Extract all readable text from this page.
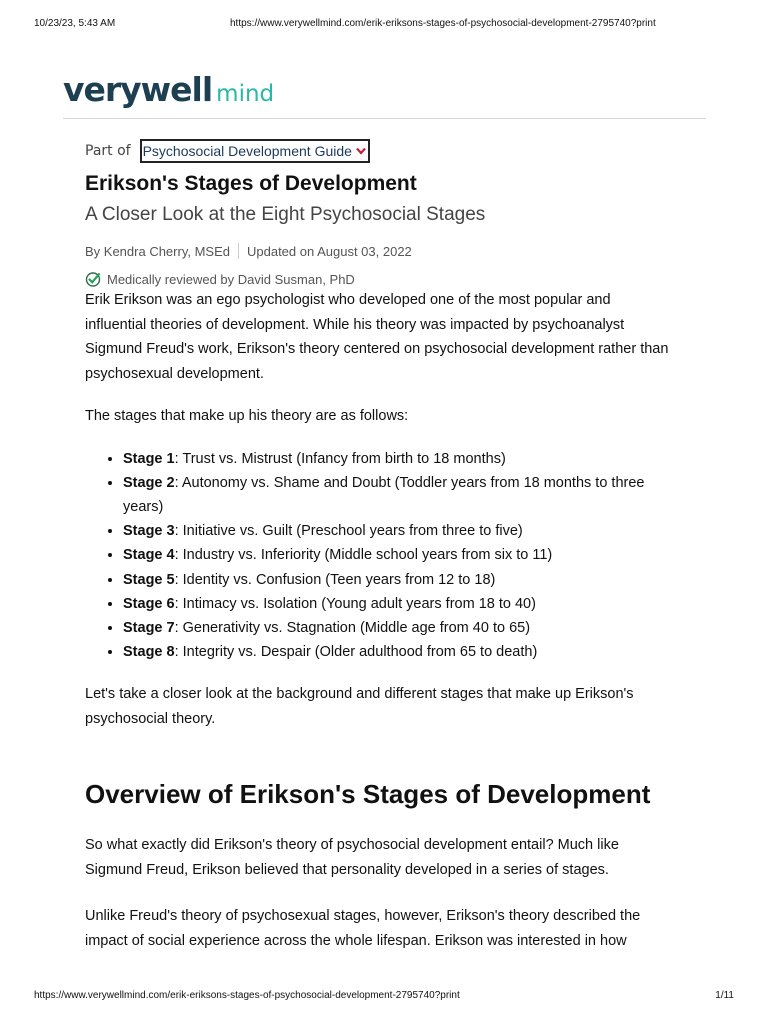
10/23/23, 5:43 AM	https://www.verywellmind.com/erik-eriksons-stages-of-psychosocial-development-2795740?print
verywell mind
Part of Psychosocial Development Guide
Erikson's Stages of Development
A Closer Look at the Eight Psychosocial Stages
By Kendra Cherry, MSEd Updated on August 03, 2022
Medically reviewed by David Susman, PhD

Erik Erikson was an ego psychologist who developed one of the most popular and influential theories of development. While his theory was impacted by psychoanalyst Sigmund Freud's work, Erikson's theory centered on psychosocial development rather than psychosexual development.

The stages that make up his theory are as follows:

• Stage 1: Trust vs. Mistrust (Infancy from birth to 18 months)
• Stage 2: Autonomy vs. Shame and Doubt (Toddler years from 18 months to three years)
• Stage 3: Initiative vs. Guilt (Preschool years from three to five)
• Stage 4: Industry vs. Inferiority (Middle school years from six to 11)
• Stage 5: Identity vs. Confusion (Teen years from 12 to 18)
• Stage 6: Intimacy vs. Isolation (Young adult years from 18 to 40)
• Stage 7: Generativity vs. Stagnation (Middle age from 40 to 65)
• Stage 8: Integrity vs. Despair (Older adulthood from 65 to death)

Let's take a closer look at the background and different stages that make up Erikson's psychosocial theory.

Overview of Erikson's Stages of Development

So what exactly did Erikson's theory of psychosocial development entail? Much like Sigmund Freud, Erikson believed that personality developed in a series of stages.

Unlike Freud's theory of psychosexual stages, however, Erikson's theory described the impact of social experience across the whole lifespan. Erikson was interested in how

https://www.verywellmind.com/erik-eriksons-stages-of-psychosocial-development-2795740?print	1/11
